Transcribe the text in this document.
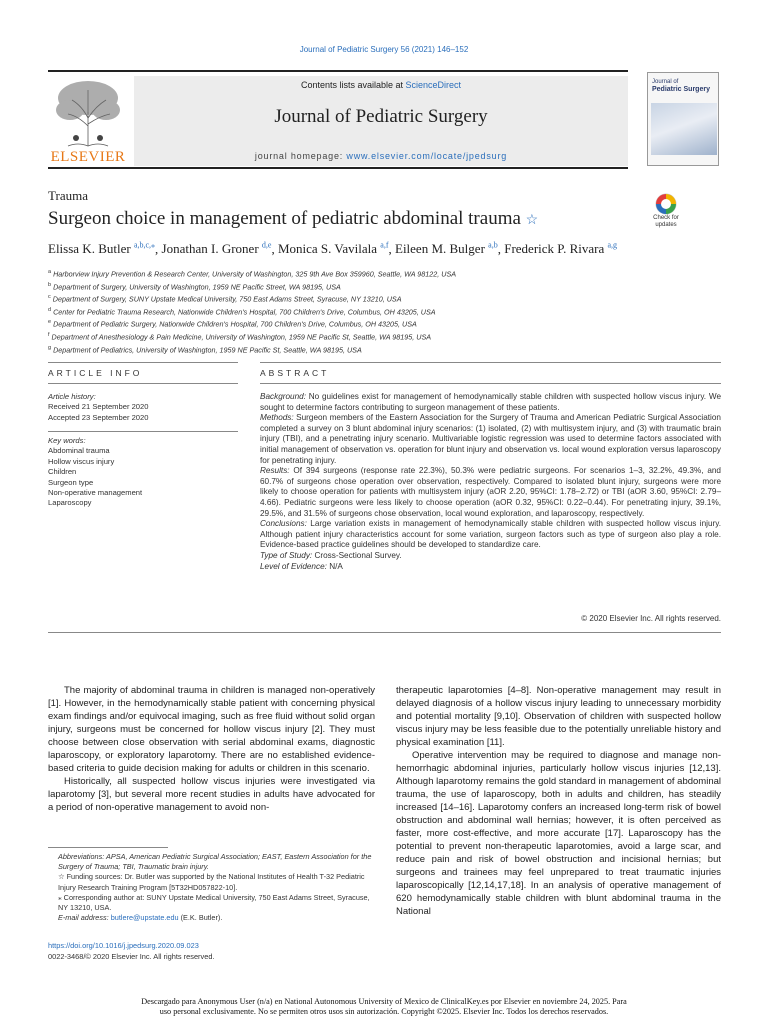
Journal of Pediatric Surgery 56 (2021) 146–152
ELSEVIER
Contents lists available at ScienceDirect
Journal of Pediatric Surgery
journal homepage: www.elsevier.com/locate/jpedsurg
Journal of
Pediatric Surgery
Trauma
Surgeon choice in management of pediatric abdominal trauma ☆	Check for
updates
Elissa K. Butler $^{a,b,c,⁎}$, Jonathan I. Groner $^{d,e}$, Monica S. Vavilala $^{a,f}$, Eileen M. Bulger $^{a,b}$, Frederick P. Rivara $^{a,g}$
$^a$ Harborview Injury Prevention & Research Center, University of Washington, 325 9th Ave Box 359960, Seattle, WA 98122, USA
$^b$ Department of Surgery, University of Washington, 1959 NE Pacific Street, WA 98195, USA
$^c$ Department of Surgery, SUNY Upstate Medical University, 750 East Adams Street, Syracuse, NY 13210, USA
$^d$ Center for Pediatric Trauma Research, Nationwide Children's Hospital, 700 Children's Drive, Columbus, OH 43205, USA
$^e$ Department of Pediatric Surgery, Nationwide Children's Hospital, 700 Children's Drive, Columbus, OH 43205, USA
$^f$ Department of Anesthesiology & Pain Medicine, University of Washington, 1959 NE Pacific St, Seattle, WA 98195, USA
$^g$ Department of Pediatrics, University of Washington, 1959 NE Pacific St, Seattle, WA 98195, USA
ARTICLE INFO	ABSTRACT
Article history:
Received 21 September 2020
Accepted 23 September 2020
Key words:
Abdominal trauma
Hollow viscus injury
Children
Surgeon type
Non-operative management
Laparoscopy
Background: No guidelines exist for management of hemodynamically stable children with suspected hollow viscus injury. We sought to determine factors contributing to surgeon management of these patients.
Methods: Surgeon members of the Eastern Association for the Surgery of Trauma and American Pediatric Surgical Association completed a survey on 3 blunt abdominal injury scenarios: (1) isolated, (2) with multisystem injury, and (3) with traumatic brain injury (TBI), and a penetrating injury scenario. Multivariable logistic regression was used to determine factors associated with initial management of observation vs. operation for blunt injury and observation vs. local wound exploration versus laparoscopy for penetrating injury.
Results: Of 394 surgeons (response rate 22.3%), 50.3% were pediatric surgeons. For scenarios 1–3, 32.2%, 49.3%, and 60.7% of surgeons chose operation over observation, respectively. Compared to isolated blunt injury, surgeons were more likely to choose operation for patients with multisystem injury (aOR 2.20, 95%CI: 1.78–2.72) or TBI (aOR 3.60, 95%CI: 2.79–4.66). Pediatric surgeons were less likely to choose operation (aOR 0.32, 95%CI: 0.22–0.44). For penetrating injury, 39.1%, 29.5%, and 31.5% of surgeons chose observation, local wound exploration, and laparoscopy, respectively.
Conclusions: Large variation exists in management of hemodynamically stable children with suspected hollow viscus injury. Although patient injury characteristics account for some variation, surgeon factors such as type of surgeon also play a role. Evidence-based practice guidelines should be developed to standardize care.
Type of Study: Cross-Sectional Survey.
Level of Evidence: N/A
© 2020 Elsevier Inc. All rights reserved.

The majority of abdominal trauma in children is managed non-operatively [1]. However, in the hemodynamically stable patient with concerning physical exam findings and/or equivocal imaging, such as free fluid without solid organ injury, surgeons must be concerned for hollow viscus injury [2]. They must choose between close observation with serial abdominal exams, diagnostic laparoscopy, or exploratory laparotomy. There are no established evidence-based criteria to guide decision making for adults or children in this scenario.

Historically, all suspected hollow viscus injuries were investigated via laparotomy [3], but several more recent studies in adults have advocated for a period of non-operative management to avoid non-

therapeutic laparotomies [4–8]. Non-operative management may result in delayed diagnosis of a hollow viscus injury leading to unnecessary morbidity and potential mortality [9,10]. Observation of children with suspected hollow viscus injury may be less feasible due to the potentially unreliable history and physical examination [11].

Operative intervention may be required to diagnose and manage non-hemorrhagic abdominal injuries, particularly hollow viscus injuries [12,13]. Although laparotomy remains the gold standard in management of abdominal trauma, the use of laparoscopy, both in adults and children, has steadily increased [14–16]. Laparotomy confers an increased long-term risk of bowel obstruction and abdominal wall hernias; however, it is often perceived as faster, more cost-effective, and more accurate [17]. Laparoscopy has the potential to prevent non-therapeutic laparotomies, avoid a large scar, and reduce pain and risk of bowel obstruction and incisional hernias; but surgeons and trainees may feel unprepared to treat traumatic injuries laparoscopically [12,14,17,18]. In an analysis of operative management of 620 hemodynamically stable children with blunt abdominal trauma in the National

Abbreviations: APSA, American Pediatric Surgical Association; EAST, Eastern Association for the Surgery of Trauma; TBI, Traumatic brain injury.
☆ Funding sources: Dr. Butler was supported by the National Institutes of Health T-32 Pediatric Injury Research Training Program [5T32HD057822-10].
⁎ Corresponding author at: SUNY Upstate Medical University, 750 East Adams Street, Syracuse, NY 13210, USA.
E-mail address: butlere@upstate.edu (E.K. Butler).
https://doi.org/10.1016/j.jpedsurg.2020.09.023
0022-3468/© 2020 Elsevier Inc. All rights reserved.
Descargado para Anonymous User (n/a) en National Autonomous University of Mexico de ClinicalKey.es por Elsevier en noviembre 24, 2025. Para
uso personal exclusivamente. No se permiten otros usos sin autorización. Copyright ©2025. Elsevier Inc. Todos los derechos reservados.
